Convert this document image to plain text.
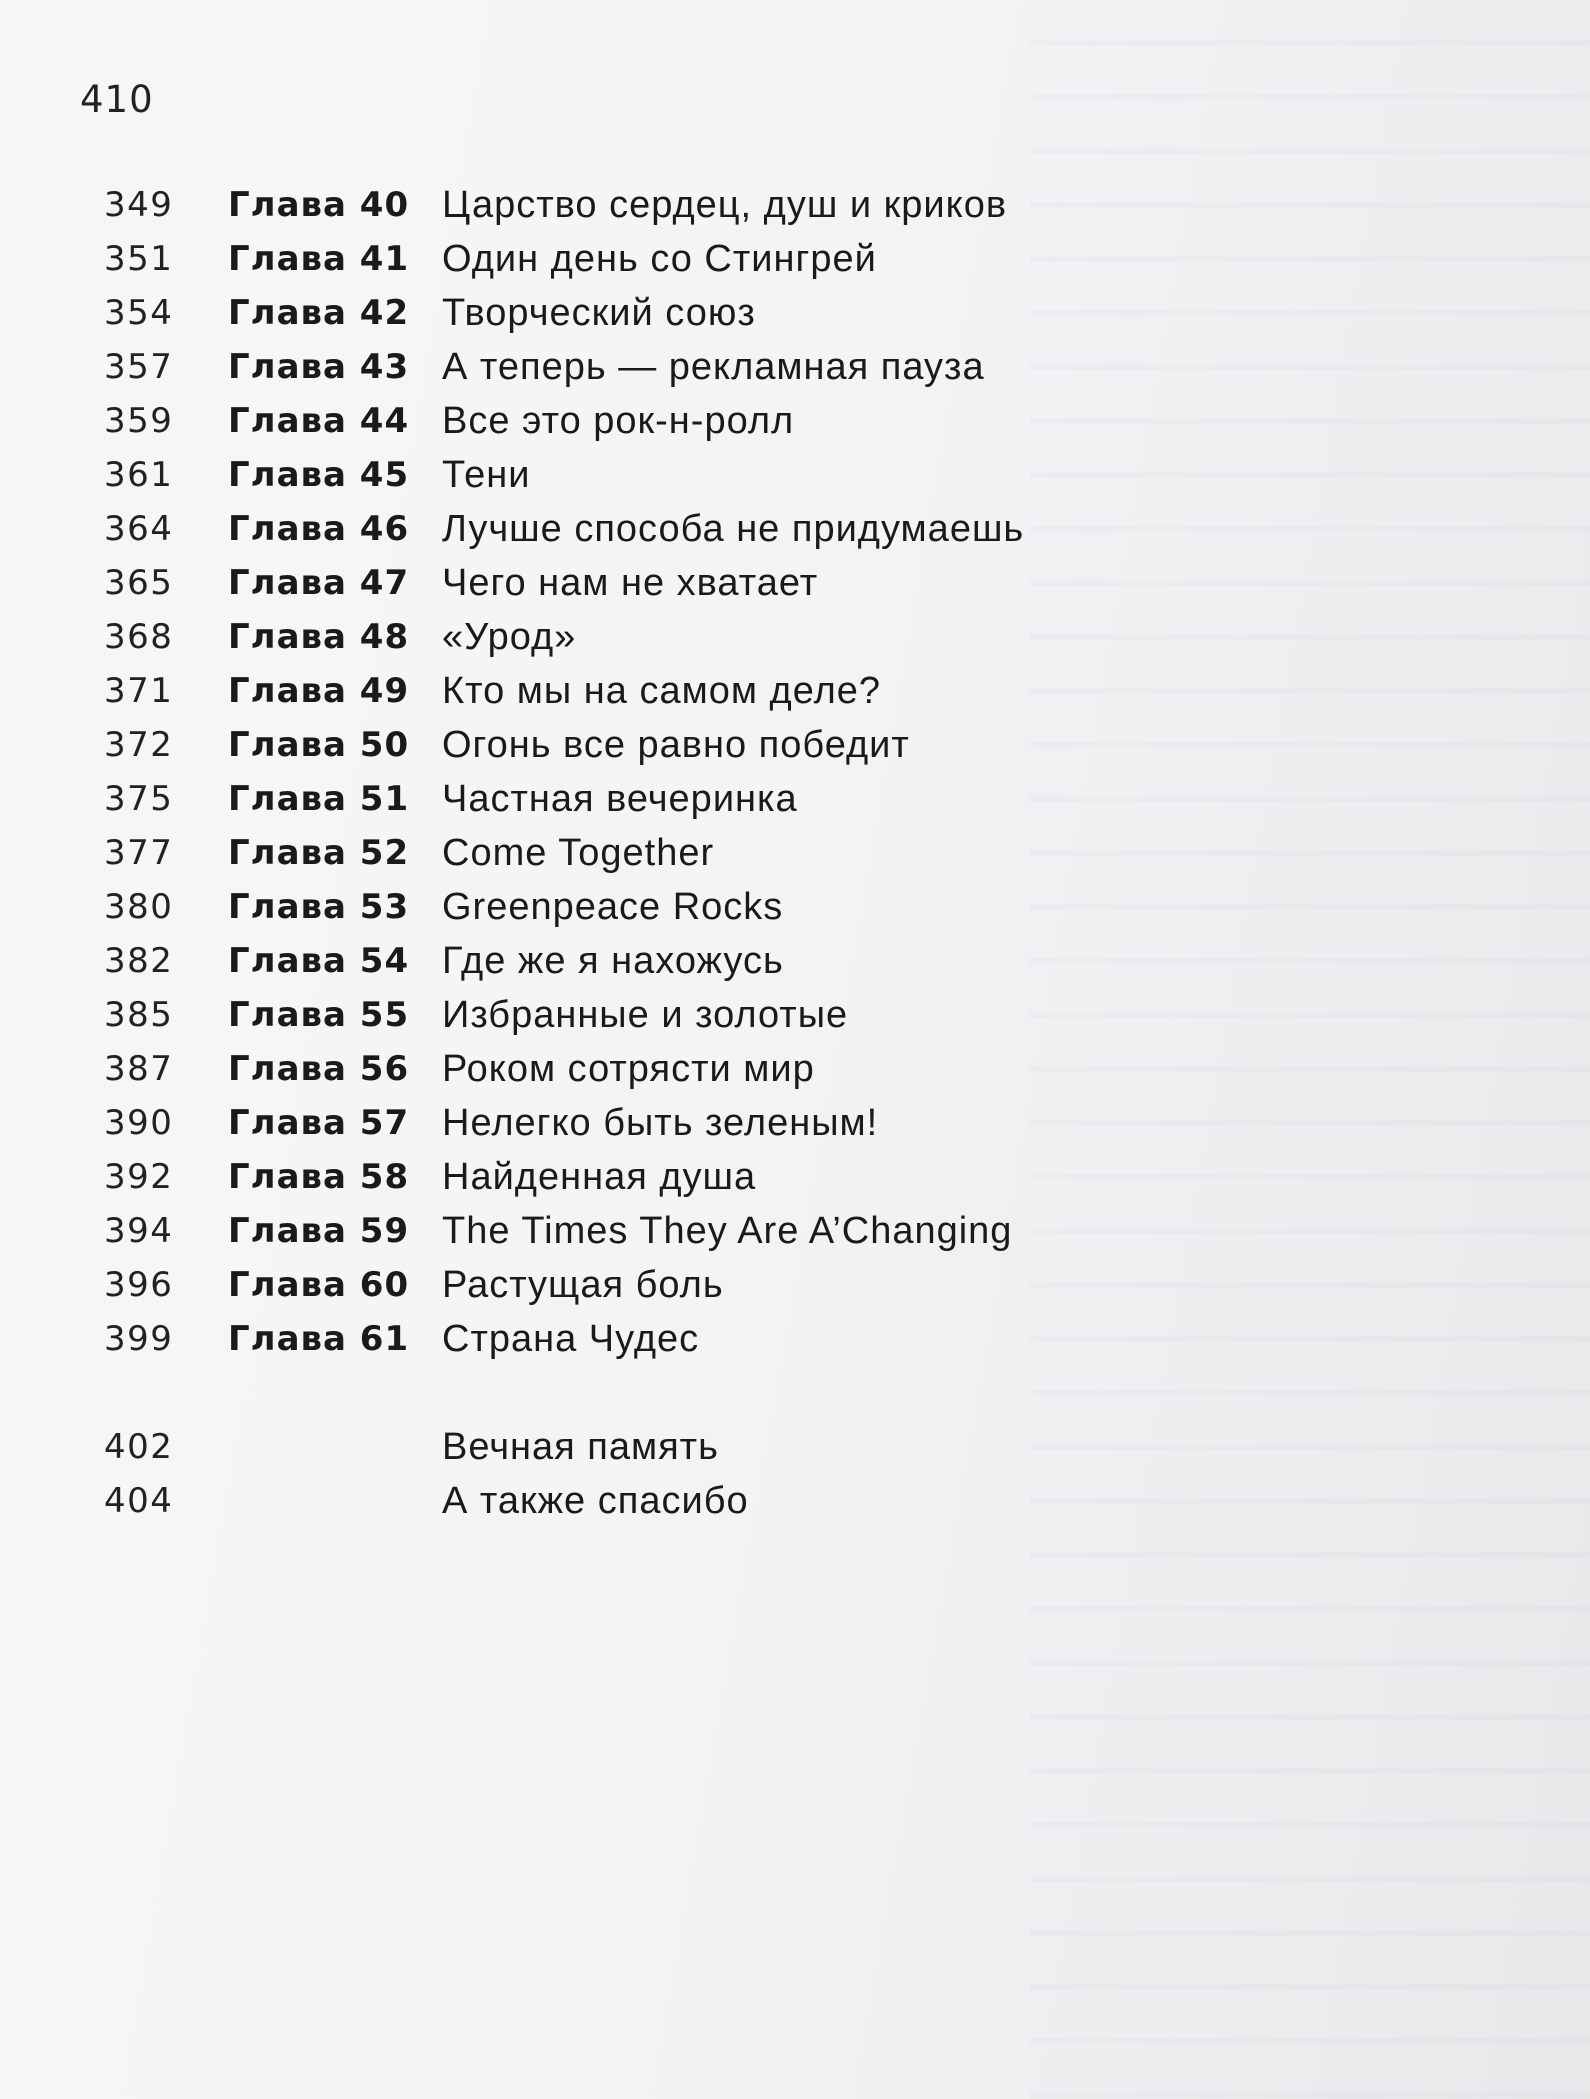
410
349 Глава 40 Царство сердец, душ и криков
351 Глава 41 Один день со Стингрей
354 Глава 42 Творческий союз
357 Глава 43 А теперь — рекламная пауза
359 Глава 44 Все это рок-н-ролл
361 Глава 45 Тени
364 Глава 46 Лучше способа не придумаешь
365 Глава 47 Чего нам не хватает
368 Глава 48 «Урод»
371 Глава 49 Кто мы на самом деле?
372 Глава 50 Огонь все равно победит
375 Глава 51 Частная вечеринка
377 Глава 52 Come Together
380 Глава 53 Greenpeace Rocks
382 Глава 54 Где же я нахожусь
385 Глава 55 Избранные и золотые
387 Глава 56 Роком сотрясти мир
390 Глава 57 Нелегко быть зеленым!
392 Глава 58 Найденная душа
394 Глава 59 The Times They Are A’Changing
396 Глава 60 Растущая боль
399 Глава 61 Страна Чудес
402	Вечная память
404	А также спасибо
